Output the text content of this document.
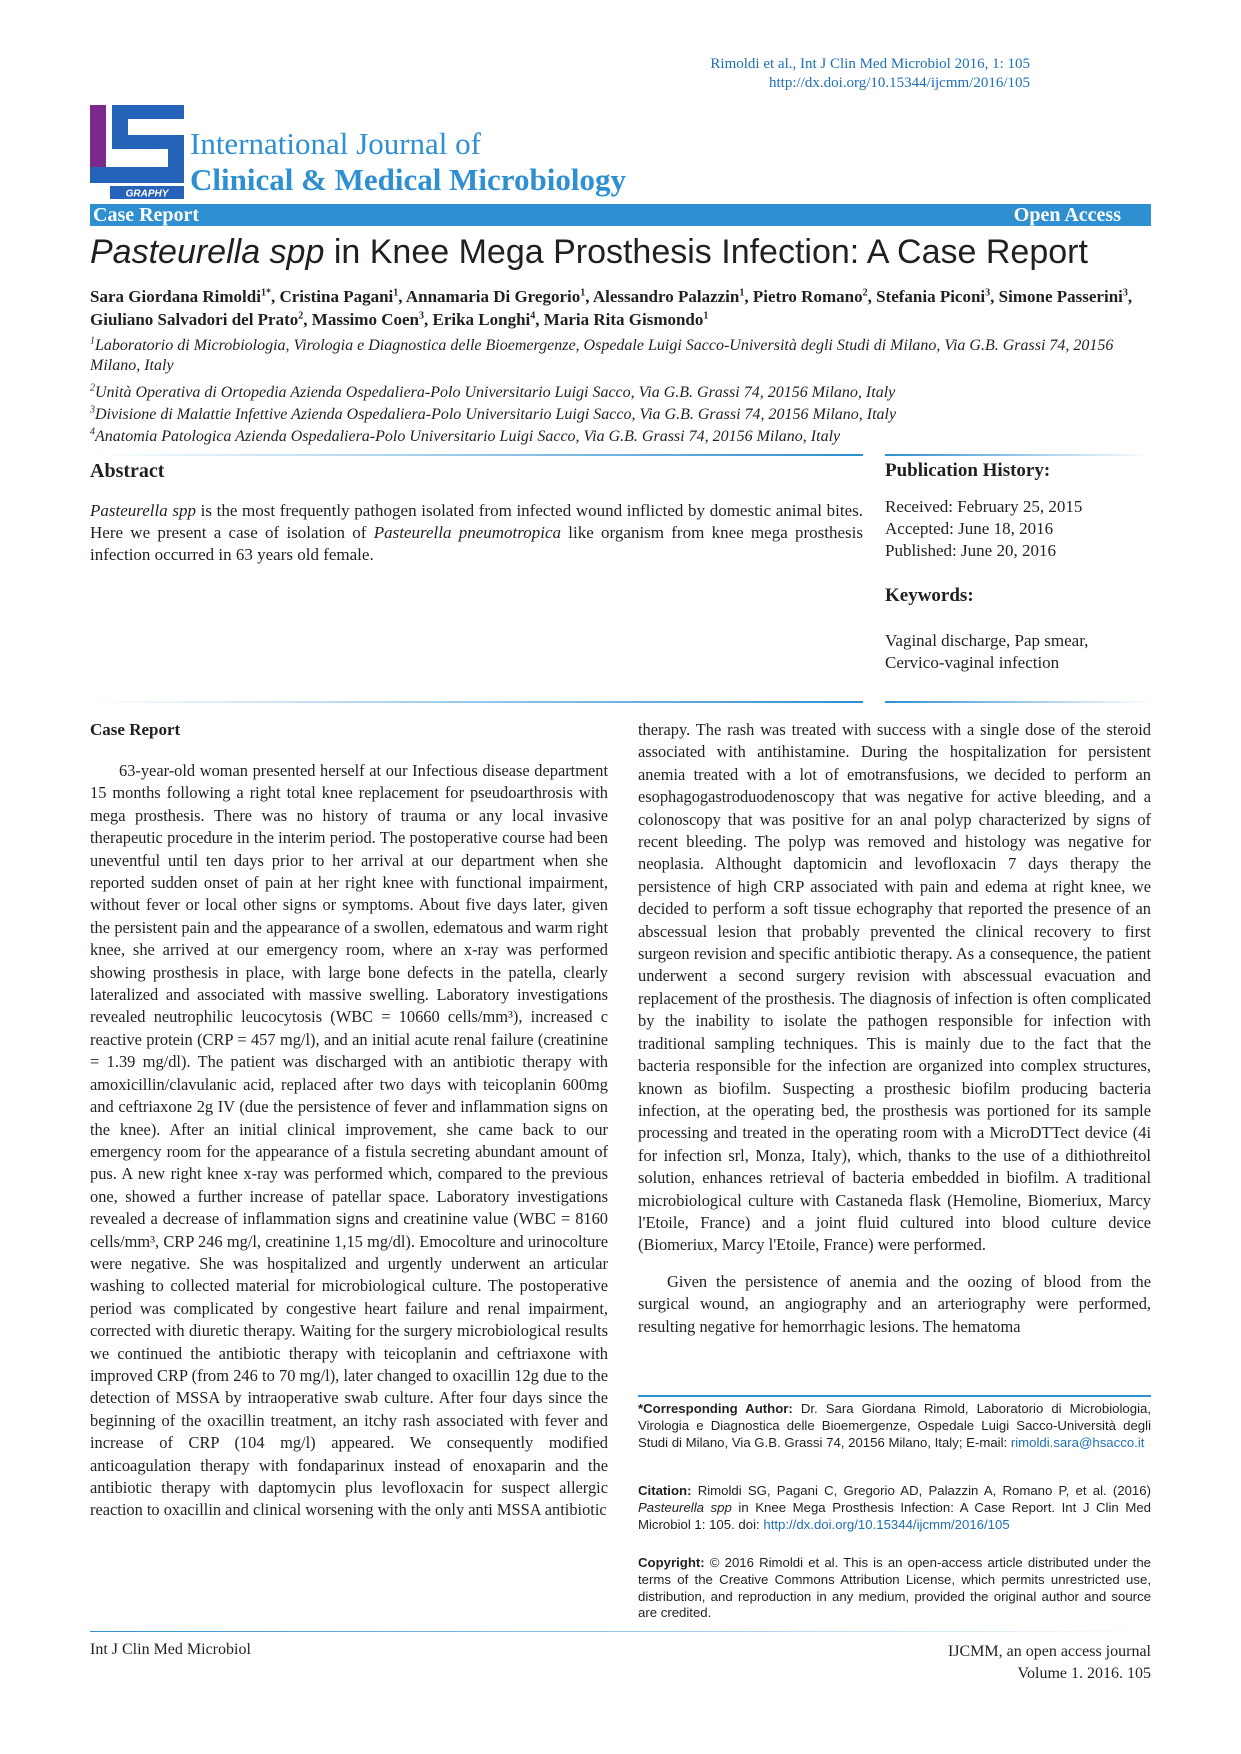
Rimoldi et al., Int J Clin Med Microbiol 2016, 1: 105
http://dx.doi.org/10.15344/ijcmm/2016/105
GRAPHY
International Journal of
Clinical & Medical Microbiology
Case Report	Open Access
Pasteurella spp in Knee Mega Prosthesis Infection: A Case Report
Sara Giordana Rimoldi$^{1*}$, Cristina Pagani$^1$, Annamaria Di Gregorio$^1$, Alessandro Palazzin$^1$, Pietro Romano$^2$, Stefania Piconi$^3$, Simone Passerini$^3$, Giuliano Salvadori del Prato$^2$, Massimo Coen$^3$, Erika Longhi$^4$, Maria Rita Gismondo$^1$
$^1$Laboratorio di Microbiologia, Virologia e Diagnostica delle Bioemergenze, Ospedale Luigi Sacco-Università degli Studi di Milano, Via G.B. Grassi 74, 20156 Milano, Italy
$^2$Unità Operativa di Ortopedia Azienda Ospedaliera-Polo Universitario Luigi Sacco, Via G.B. Grassi 74, 20156 Milano, Italy
$^3$Divisione di Malattie Infettive Azienda Ospedaliera-Polo Universitario Luigi Sacco, Via G.B. Grassi 74, 20156 Milano, Italy
$^4$Anatomia Patologica Azienda Ospedaliera-Polo Universitario Luigi Sacco, Via G.B. Grassi 74, 20156 Milano, Italy
Abstract
Pasteurella spp is the most frequently pathogen isolated from infected wound inflicted by domestic animal bites. Here we present a case of isolation of Pasteurella pneumotropica like organism from knee mega prosthesis infection occurred in 63 years old female.
Publication History:
Received: February 25, 2015
Accepted: June 18, 2016
Published: June 20, 2016
Keywords:
Vaginal discharge, Pap smear,
Cervico-vaginal infection
Case Report

63-year-old woman presented herself at our Infectious disease department 15 months following a right total knee replacement for pseudoarthrosis with mega prosthesis. There was no history of trauma or any local invasive therapeutic procedure in the interim period. The postoperative course had been uneventful until ten days prior to her arrival at our department when she reported sudden onset of pain at her right knee with functional impairment, without fever or local other signs or symptoms. About five days later, given the persistent pain and the appearance of a swollen, edematous and warm right knee, she arrived at our emergency room, where an x-ray was performed showing prosthesis in place, with large bone defects in the patella, clearly lateralized and associated with massive swelling. Laboratory investigations revealed neutrophilic leucocytosis (WBC = 10660 cells/mm³), increased c reactive protein (CRP = 457 mg/l), and an initial acute renal failure (creatinine = 1.39 mg/dl). The patient was discharged with an antibiotic therapy with amoxicillin/clavulanic acid, replaced after two days with teicoplanin 600mg and ceftriaxone 2g IV (due the persistence of fever and inflammation signs on the knee). After an initial clinical improvement, she came back to our emergency room for the appearance of a fistula secreting abundant amount of pus. A new right knee x-ray was performed which, compared to the previous one, showed a further increase of patellar space. Laboratory investigations revealed a decrease of inflammation signs and creatinine value (WBC = 8160 cells/mm³, CRP 246 mg/l, creatinine 1,15 mg/dl). Emocolture and urinocolture were negative. She was hospitalized and urgently underwent an articular washing to collected material for microbiological culture. The postoperative period was complicated by congestive heart failure and renal impairment, corrected with diuretic therapy. Waiting for the surgery microbiological results we continued the antibiotic therapy with teicoplanin and ceftriaxone with improved CRP (from 246 to 70 mg/l), later changed to oxacillin 12g due to the detection of MSSA by intraoperative swab culture. After four days since the beginning of the oxacillin treatment, an itchy rash associated with fever and increase of CRP (104 mg/l) appeared. We consequently modified anticoagulation therapy with fondaparinux instead of enoxaparin and the antibiotic therapy with daptomycin plus levofloxacin for suspect allergic reaction to oxacillin and clinical worsening with the only anti MSSA antibiotic

therapy. The rash was treated with success with a single dose of the steroid associated with antihistamine. During the hospitalization for persistent anemia treated with a lot of emotransfusions, we decided to perform an esophagogastroduodenoscopy that was negative for active bleeding, and a colonoscopy that was positive for an anal polyp characterized by signs of recent bleeding. The polyp was removed and histology was negative for neoplasia. Althought daptomicin and levofloxacin 7 days therapy the persistence of high CRP associated with pain and edema at right knee, we decided to perform a soft tissue echography that reported the presence of an abscessual lesion that probably prevented the clinical recovery to first surgeon revision and specific antibiotic therapy. As a consequence, the patient underwent a second surgery revision with abscessual evacuation and replacement of the prosthesis. The diagnosis of infection is often complicated by the inability to isolate the pathogen responsible for infection with traditional sampling techniques. This is mainly due to the fact that the bacteria responsible for the infection are organized into complex structures, known as biofilm. Suspecting a prosthesic biofilm producing bacteria infection, at the operating bed, the prosthesis was portioned for its sample processing and treated in the operating room with a MicroDTTect device (4i for infection srl, Monza, Italy), which, thanks to the use of a dithiothreitol solution, enhances retrieval of bacteria embedded in biofilm. A traditional microbiological culture with Castaneda flask (Hemoline, Biomeriux, Marcy l'Etoile, France) and a joint fluid cultured into blood culture device (Biomeriux, Marcy l'Etoile, France) were performed.

Given the persistence of anemia and the oozing of blood from the surgical wound, an angiography and an arteriography were performed, resulting negative for hemorrhagic lesions. The hematoma

*Corresponding Author: Dr. Sara Giordana Rimold, Laboratorio di Microbiologia, Virologia e Diagnostica delle Bioemergenze, Ospedale Luigi Sacco-Università degli Studi di Milano, Via G.B. Grassi 74, 20156 Milano, Italy; E-mail: rimoldi.sara@hsacco.it
Citation: Rimoldi SG, Pagani C, Gregorio AD, Palazzin A, Romano P, et al. (2016) Pasteurella spp in Knee Mega Prosthesis Infection: A Case Report. Int J Clin Med Microbiol 1: 105. doi: http://dx.doi.org/10.15344/ijcmm/2016/105
Copyright: © 2016 Rimoldi et al. This is an open-access article distributed under the terms of the Creative Commons Attribution License, which permits unrestricted use, distribution, and reproduction in any medium, provided the original author and source are credited.
Int J Clin Med Microbiol	IJCMM, an open access journal
Volume 1. 2016. 105
